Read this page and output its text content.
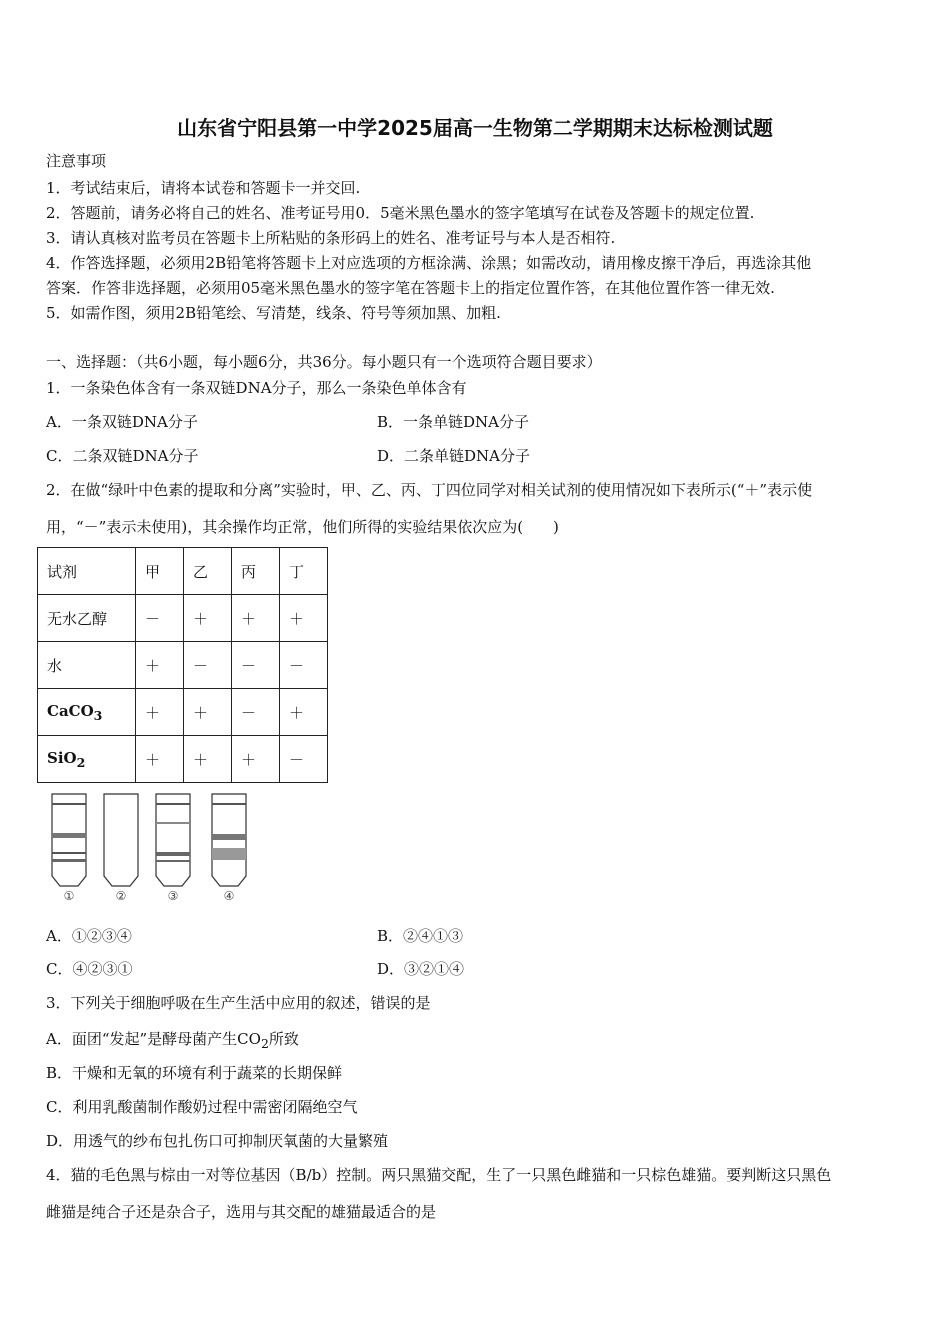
山东省宁阳县第一中学2025届高一生物第二学期期末达标检测试题
注意事项
1．考试结束后，请将本试卷和答题卡一并交回.
2．答题前，请务必将自己的姓名、准考证号用0．5毫米黑色墨水的签字笔填写在试卷及答题卡的规定位置.
3．请认真核对监考员在答题卡上所粘贴的条形码上的姓名、准考证号与本人是否相符.
4．作答选择题，必须用2B铅笔将答题卡上对应选项的方框涂满、涂黑；如需改动，请用橡皮擦干净后，再选涂其他
答案．作答非选择题，必须用05毫米黑色墨水的签字笔在答题卡上的指定位置作答，在其他位置作答一律无效.
5．如需作图，须用2B铅笔绘、写清楚，线条、符号等须加黑、加粗.
一、选择题：（共6小题，每小题6分，共36分。每小题只有一个选项符合题目要求）
1．一条染色体含有一条双链DNA分子，那么一条染色单体含有
A．一条双链DNA分子	B．一条单链DNA分子
C．二条双链DNA分子	D．二条单链DNA分子
2．在做“绿叶中色素的提取和分离”实验时，甲、乙、丙、丁四位同学对相关试剂的使用情况如下表所示(“＋”表示使
用，“－”表示未使用)，其余操作均正常，他们所得的实验结果依次应为(　　)
试剂	甲	乙	丙	丁
无水乙醇	－	＋	＋	＋
水	＋	－	－	－
CaCO$_3$	＋	＋	－	＋
SiO$_2$	＋	＋	＋	－
①	②	③	④
A．①②③④	B．②④①③
C．④②③①	D．③②①④
3．下列关于细胞呼吸在生产生活中应用的叙述，错误的是
A．面团“发起”是酵母菌产生$CO_2$所致
B．干燥和无氧的环境有利于蔬菜的长期保鲜
C．利用乳酸菌制作酸奶过程中需密闭隔绝空气
D．用透气的纱布包扎伤口可抑制厌氧菌的大量繁殖
4．猫的毛色黑与棕由一对等位基因（B/b）控制。两只黑猫交配，生了一只黑色雌猫和一只棕色雄猫。要判断这只黑色
雌猫是纯合子还是杂合子，选用与其交配的雄猫最适合的是
